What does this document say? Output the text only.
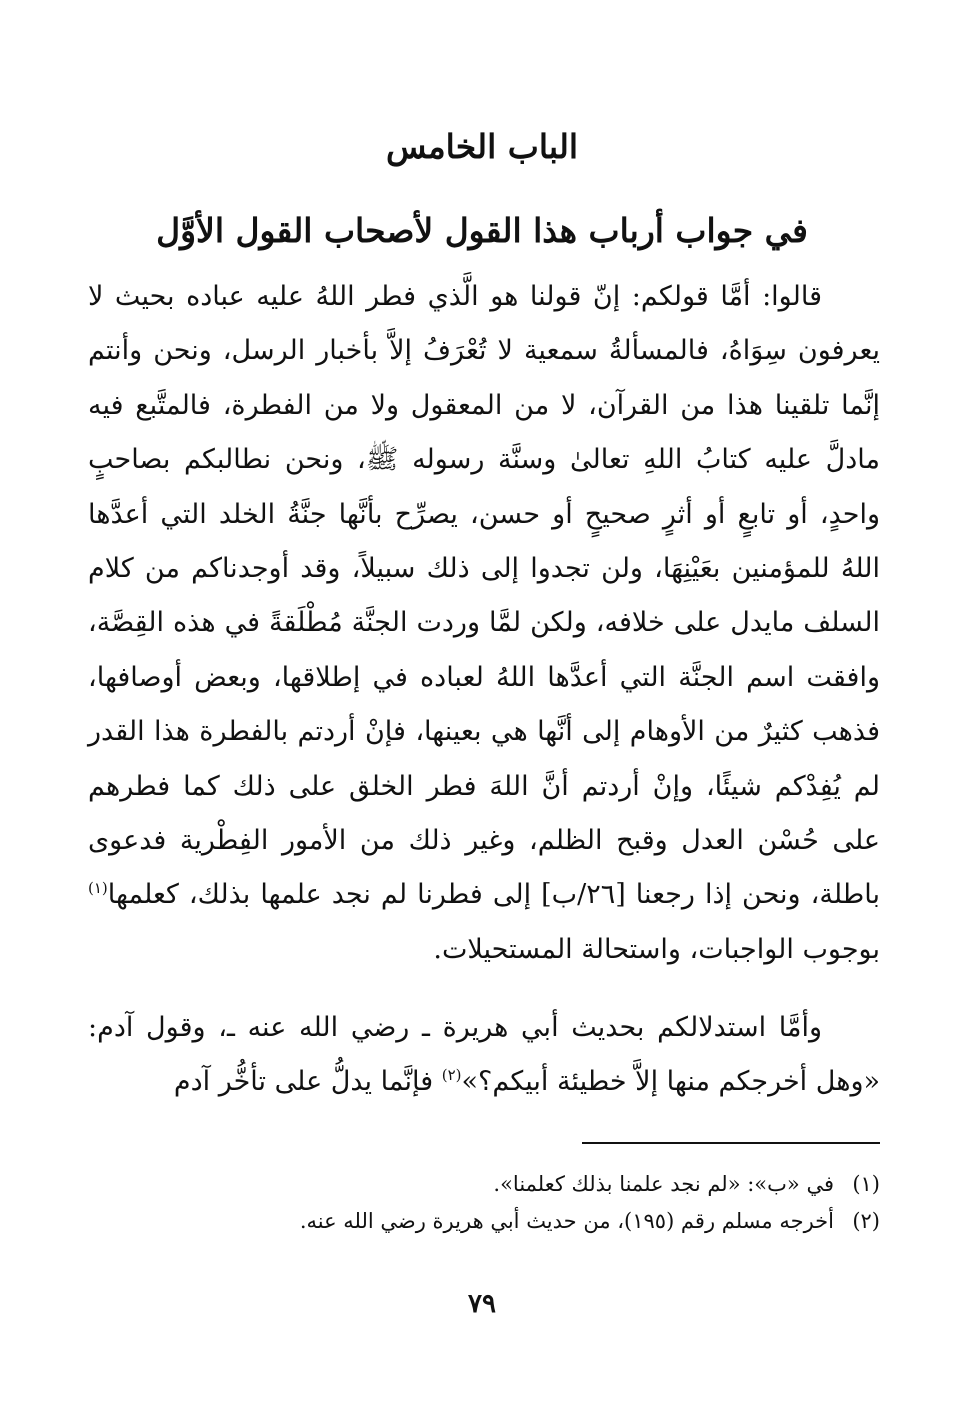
الباب الخامس
في جواب أرباب هذا القول لأصحاب القول الأوَّل

قالوا: أمَّا قولكم: إنّ قولنا هو الَّذي فطر اللهُ عليه عباده بحيث لا يعرفون سِوَاهُ، فالمسألةُ سمعية لا تُعْرَفُ إلاَّ بأخبار الرسل، ونحن وأنتم إنَّما تلقينا هذا من القرآن، لا من المعقول ولا من الفطرة، فالمتَّبع فيه مادلَّ عليه كتابُ اللهِ تعالىٰ وسنَّة رسوله ﷺ، ونحن نطالبكم بصاحبٍ واحدٍ، أو تابعٍ أو أثرٍ صحيحٍ أو حسن، يصرِّح بأنَّها جنَّةُ الخلد التي أعدَّها اللهُ للمؤمنين بعَيْنِهَا، ولن تجدوا إلى ذلك سبيلاً، وقد أوجدناكم من كلام السلف مايدل على خلافه، ولكن لمَّا وردت الجنَّة مُطْلَقةً في هذه القِصَّة، وافقت اسم الجنَّة التي أعدَّها اللهُ لعباده في إطلاقها، وبعض أوصافها، فذهب كثيرٌ من الأوهام إلى أنَّها هي بعينها، فإنْ أردتم بالفطرة هذا القدر لم يُفِدْكم شيئًا، وإنْ أردتم أنَّ اللهَ فطر الخلق على ذلك كما فطرهم على حُسْن العدل وقبح الظلم، وغير ذلك من الأمور الفِطْرية فدعوى باطلة، ونحن إذا رجعنا [٢٦/ب] إلى فطرنا لم نجد علمها بذلك، كعلمها$^{(١)}$ بوجوب الواجبات، واستحالة المستحيلات.

وأمَّا استدلالكم بحديث أبي هريرة ـ رضي الله عنه ـ، وقول آدم: «وهل أخرجكم منها إلاَّ خطيئة أبيكم؟»$^{(٢)}$ فإنَّما يدلُّ على تأخُّر آدم

(١)
في «ب»: «لم نجد علمنا بذلك كعلمنا».
(٢)
أخرجه مسلم رقم (١٩٥)، من حديث أبي هريرة رضي الله عنه.
٧٩
